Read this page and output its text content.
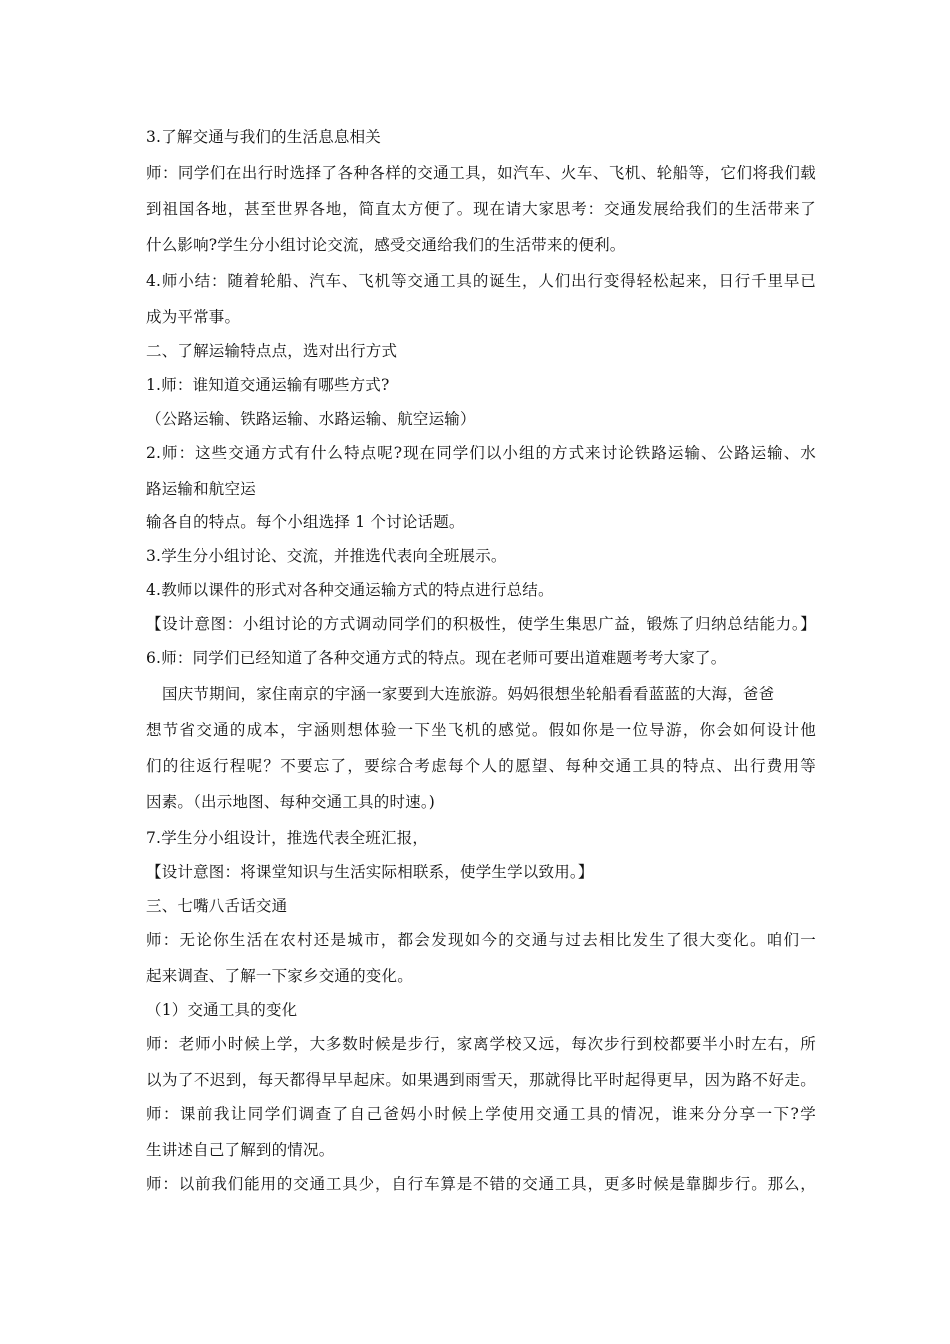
3.了解交通与我们的生活息息相关
师：同学们在出行时选择了各种各样的交通工具，如汽车、火车、飞机、轮船等，它们将我们载
到祖国各地，甚至世界各地，简直太方便了。现在请大家思考：交通发展给我们的生活带来了
什么影响?学生分小组讨论交流，感受交通给我们的生活带来的便利。
4.师小结：随着轮船、汽车、飞机等交通工具的诞生，人们出行变得轻松起来，日行千里早已
成为平常事。
二、了解运输特点点，选对出行方式
1.师：谁知道交通运输有哪些方式?
（公路运输、铁路运输、水路运输、航空运输）
2.师：这些交通方式有什么特点呢?现在同学们以小组的方式来讨论铁路运输、公路运输、水
路运输和航空运
输各自的特点。每个小组选择 1 个讨论话题。
3.学生分小组讨论、交流，并推选代表向全班展示。
4.教师以课件的形式对各种交通运输方式的特点进行总结。
【设计意图：小组讨论的方式调动同学们的积极性，使学生集思广益，锻炼了归纳总结能力。】
6.师：同学们已经知道了各种交通方式的特点。现在老师可要出道难题考考大家了。
国庆节期间，家住南京的宇涵一家要到大连旅游。妈妈很想坐轮船看看蓝蓝的大海，爸爸
想节省交通的成本，宇涵则想体验一下坐飞机的感觉。假如你是一位导游，你会如何设计他
们的往返行程呢？不要忘了，要综合考虑每个人的愿望、每种交通工具的特点、出行费用等
因素。（出示地图、每种交通工具的时速。)
7.学生分小组设计，推选代表全班汇报，
【设计意图：将课堂知识与生活实际相联系，使学生学以致用。】
三、七嘴八舌话交通
师：无论你生活在农村还是城市，都会发现如今的交通与过去相比发生了很大变化。咱们一
起来调查、了解一下家乡交通的变化。
（1）交通工具的变化
师：老师小时候上学，大多数时候是步行，家离学校又远，每次步行到校都要半小时左右，所
以为了不迟到，每天都得早早起床。如果遇到雨雪天，那就得比平时起得更早，因为路不好走。
师：课前我让同学们调查了自己爸妈小时候上学使用交通工具的情况，谁来分分享一下?学
生讲述自己了解到的情况。
师：以前我们能用的交通工具少，自行车算是不错的交通工具，更多时候是靠脚步行。那么，
